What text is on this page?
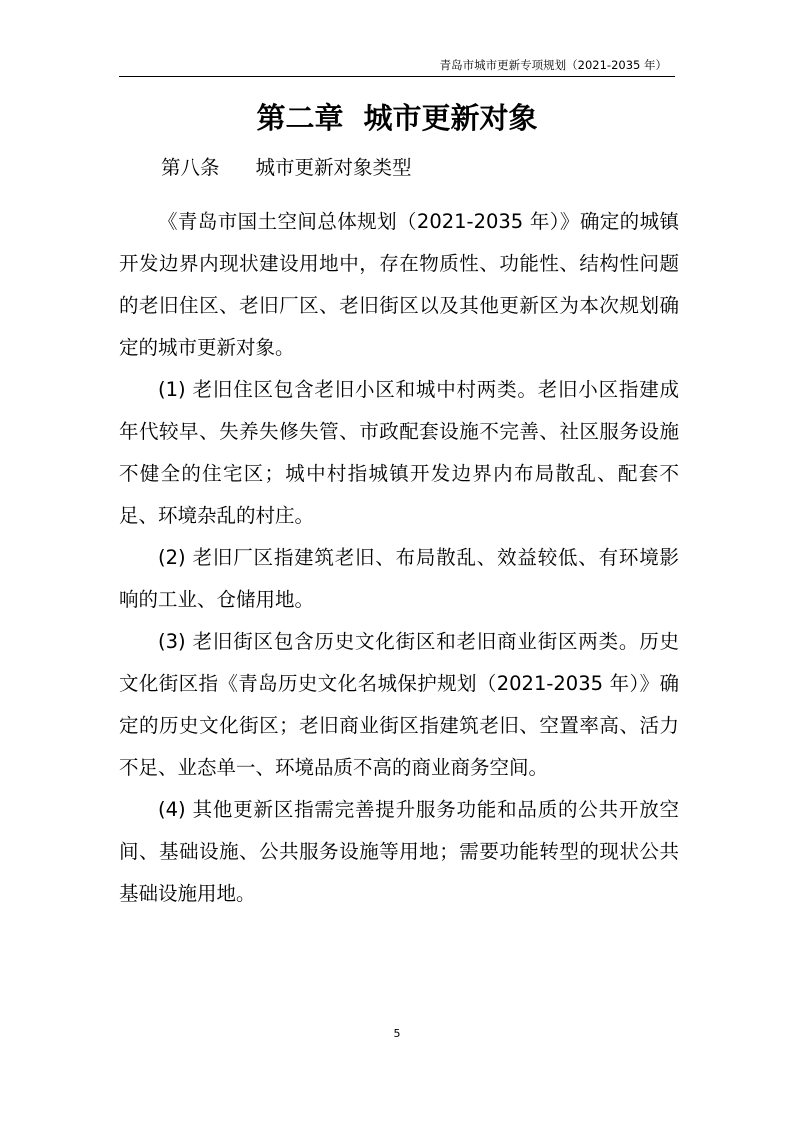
青岛市城市更新专项规划（2021-2035 年）
第二章 城市更新对象
第八条 城市更新对象类型

《青岛市国土空间总体规划（2021-2035 年）》确定的城镇开发边界内现状建设用地中，存在物质性、功能性、结构性问题的老旧住区、老旧厂区、老旧街区以及其他更新区为本次规划确定的城市更新对象。

(1) 老旧住区包含老旧小区和城中村两类。老旧小区指建成年代较早、失养失修失管、市政配套设施不完善、社区服务设施不健全的住宅区；城中村指城镇开发边界内布局散乱、配套不足、环境杂乱的村庄。

(2) 老旧厂区指建筑老旧、布局散乱、效益较低、有环境影响的工业、仓储用地。

(3) 老旧街区包含历史文化街区和老旧商业街区两类。历史文化街区指《青岛历史文化名城保护规划（2021-2035 年）》确定的历史文化街区；老旧商业街区指建筑老旧、空置率高、活力不足、业态单一、环境品质不高的商业商务空间。

(4) 其他更新区指需完善提升服务功能和品质的公共开放空间、基础设施、公共服务设施等用地；需要功能转型的现状公共基础设施用地。

5
